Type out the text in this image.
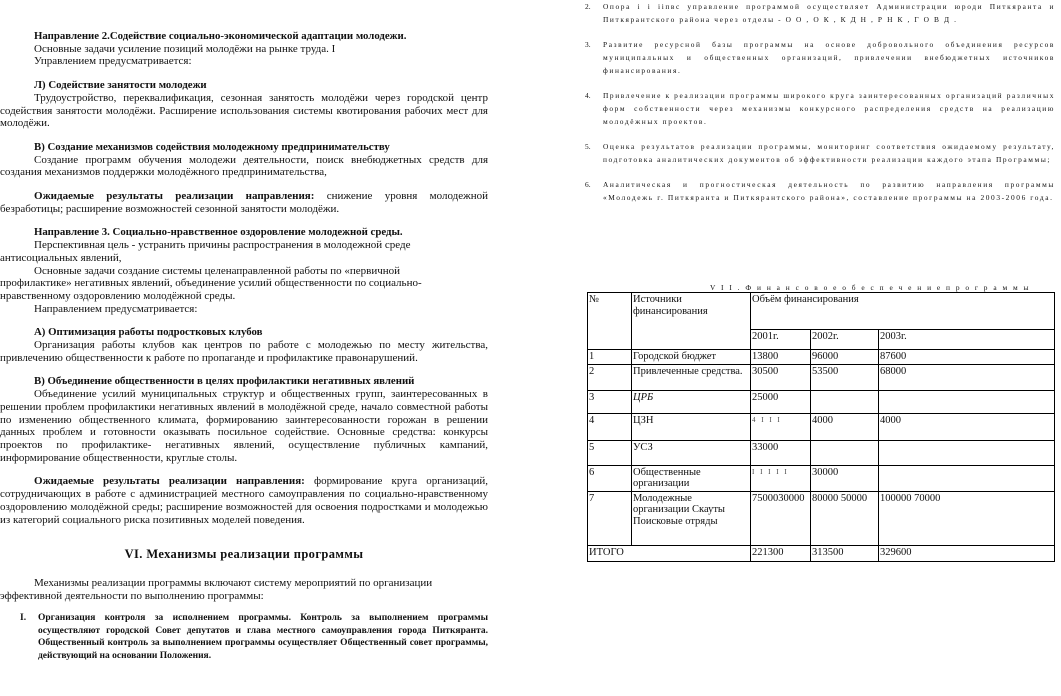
Направление 2.Содействие социально-экономической адаптации молодежи.

Основные задачи усиление позиций молодёжи на рынке труда. I

Управлением предусматривается:

Л) Содействие занятости молодежи

Трудоустройство, переквалификация, сезонная занятость молодёжи через городской центр содействия занятости молодёжи. Расширение использования системы квотирования рабочих мест для молодёжи.

В) Создание механизмов содействия молодежному предпринимательству

Создание программ обучения молодежи деятельности, поиск внебюджетных средств для создания механизмов поддержки молодёжного предпринимательства,

Ожидаемые результаты реализации направления: снижение уровня молодежной безработицы; расширение возможностей сезонной занятости молодёжи.

Направление 3. Социально-нравственное оздоровление молодежной среды.

Перспективная цель - устранить причины распространения в молодежной среде

антисоциальных явлений,

Основные задачи создание системы целенаправленной работы по «первичной

профилактике» негативных явлений, объединение усилий общественности по социально-

нравственному оздоровлению молодёжной среды.

Направлением предусматривается:

А) Оптимизация работы подростковых клубов

Организация работы клубов как центров по работе с молодежью по месту жительства, привлечению общественности к работе по пропаганде и профилактике правонарушений.

В) Объединение общественности в целях профилактики негативных явлений

Объединение усилий муниципальных структур и общественных групп, заинтересованных в решении проблем профилактики негативных явлений в молодёжной среде, начало совместной работы по изменению общественного климата, формированию заинтересованности горожан в решении данных проблем и готовности оказывать посильное содействие. Основные средства: конкурсы проектов по профилактике- негативных явлений, осуществление публичных кампаний, информирование общественности, круглые столы.

Ожидаемые результаты реализации направления: формирование круга организаций, сотрудничающих в работе с администрацией местного самоуправления по социально-нравственному оздоровлению молодёжной среды; расширение возможностей для освоения подростками и молодежью из категорий социального риска позитивных моделей поведения.

VI. Механизмы реализации программы

Механизмы реализации программы включают систему мероприятий по организации эффективной деятельности по выполнению программы:

I.	Организация контроля за исполнением программы. Контроль за выполнением программы осуществляют городской Совет депутатов и глава местного самоуправления города Питкяранта. Общественный контроль за выполнением программы осуществляет Общественный совет программы, действующий на основании Положения.
2.	Опора і і ііпвс управление программой осуществляет Администрации юроди Питкяранта и Питкярантского района через отделы - О О , О К , К Д Н , Р Н К , Г О В Д .
3.	Развитие ресурсной базы программы на основе добровольного объединения ресурсов муниципальных и общественных организаций, привлечении внебюджетных источников финансирования.
4.	Привлечение к реализации программы широкого круга заинтересованных организаций различных форм собственности через механизмы конкурсного распределения средств на реализацию молодёжных проектов.
5.	Оценка результатов реализации программы, мониторинг соответствия ожидаемому результату, подготовка аналитических документов об эффективности реализации каждого этапа Программы;
6.	Аналитическая и прогностическая деятельность по развитию направления программы «Молодежь г. Питкяранта и Питкярантского района», составление программы на 2003-2006 года.
V I I . Ф и н а н с о в о е о б е с п е ч е н и е п р о г р а м м ы
№	Источники финансирования	Объём финансирования		
		2001г.	2002г.	2003г.
1	Городской бюджет	13800	96000	87600
2	Привлеченные средства.	30500	53500	68000
3	ЦРБ	25000		
4	ЦЗН	4 I I I	4000	4000
5	УСЗ	33000		
6	Общественные организации	I I I I I	30000	
7	Молодежные организации Скауты Поисковые отряды	7500030000	80000 50000	100000 70000
ИТОГО		221300	313500	329600
